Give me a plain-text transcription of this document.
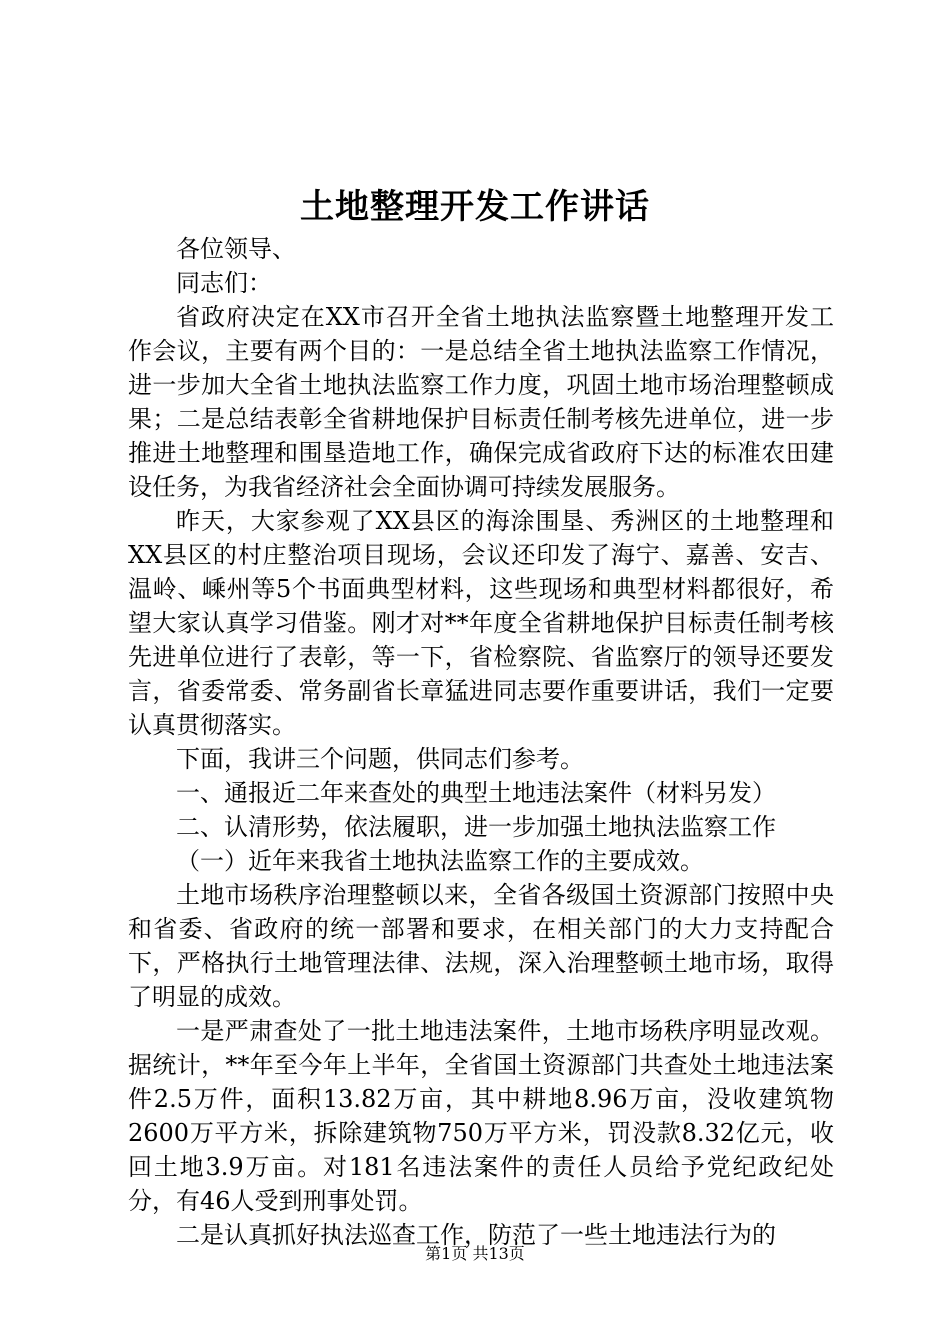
土地整理开发工作讲话

各位领导、

同志们：

省政府决定在XX市召开全省土地执法监察暨土地整理开发工作会议，主要有两个目的：一是总结全省土地执法监察工作情况，进一步加大全省土地执法监察工作力度，巩固土地市场治理整顿成果；二是总结表彰全省耕地保护目标责任制考核先进单位，进一步推进土地整理和围垦造地工作，确保完成省政府下达的标准农田建设任务，为我省经济社会全面协调可持续发展服务。

昨天，大家参观了XX县区的海涂围垦、秀洲区的土地整理和XX县区的村庄整治项目现场，会议还印发了海宁、嘉善、安吉、温岭、嵊州等5个书面典型材料，这些现场和典型材料都很好，希望大家认真学习借鉴。刚才对**年度全省耕地保护目标责任制考核先进单位进行了表彰，等一下，省检察院、省监察厅的领导还要发言，省委常委、常务副省长章猛进同志要作重要讲话，我们一定要认真贯彻落实。

下面，我讲三个问题，供同志们参考。

一、通报近二年来查处的典型土地违法案件（材料另发）

二、认清形势，依法履职，进一步加强土地执法监察工作

（一）近年来我省土地执法监察工作的主要成效。

土地市场秩序治理整顿以来，全省各级国土资源部门按照中央和省委、省政府的统一部署和要求，在相关部门的大力支持配合下，严格执行土地管理法律、法规，深入治理整顿土地市场，取得了明显的成效。

一是严肃查处了一批土地违法案件，土地市场秩序明显改观。据统计，**年至今年上半年，全省国土资源部门共查处土地违法案件2.5万件，面积13.82万亩，其中耕地8.96万亩，没收建筑物2600万平方米，拆除建筑物750万平方米，罚没款8.32亿元，收回土地3.9万亩。对181名违法案件的责任人员给予党纪政纪处分，有46人受到刑事处罚。

二是认真抓好执法巡查工作，防范了一些土地违法行为的

第1页 共13页
